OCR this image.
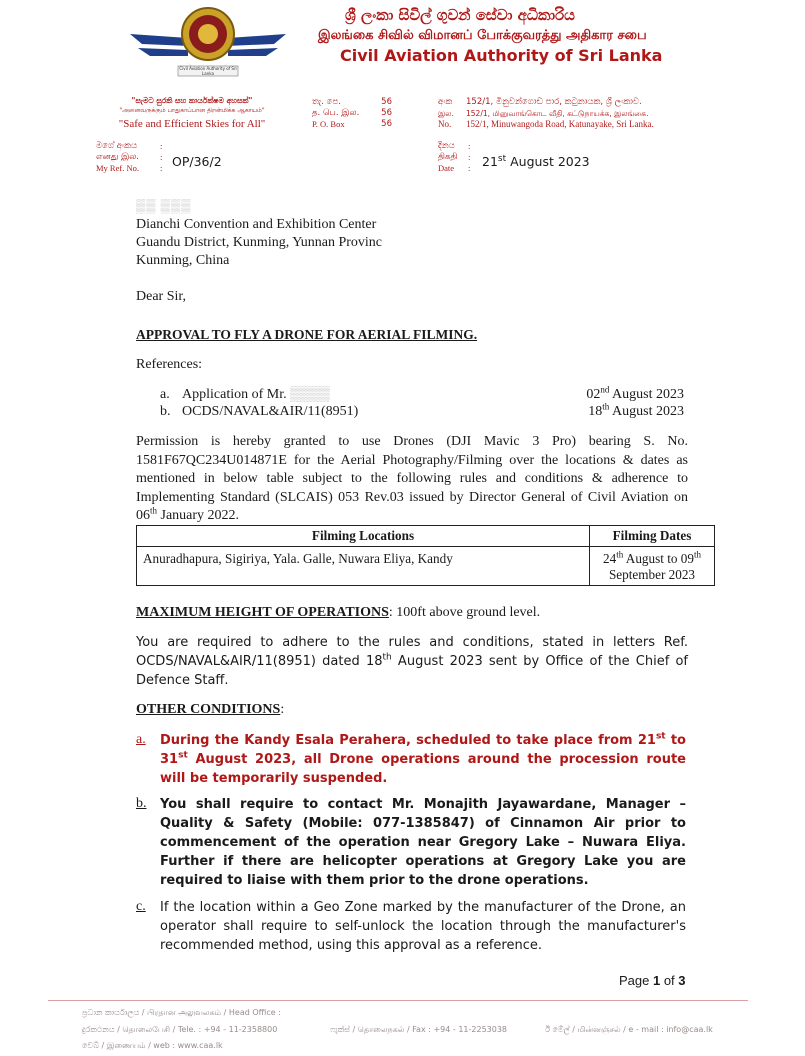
Civil Aviation Authority of Sri Lanka
ශ්‍රී ලංකා සිවිල් ගුවන් සේවා අධිකාරිය
இலங்கை சிவில் விமானப் போக்குவரத்து அதிகார சபை
Civil Aviation Authority of Sri Lanka
"සැමට සුරකි සහ කාර්යක්ෂම අහසක්"
"அனைவருக்கும் பாதுகாப்பான திறன்மிக்க ஆகாயம்"
"Safe and Efficient Skies for All"
තැ. පෙ.	56
த. பெ. இல.	56
P. O. Box	56
අංක 152/1, මිනුවන්ගොඩ පාර, කටුනායක, ශ්‍රී ලංකාව.
இல. 152/1, மினுவாங்கொட வீதி, கட்டுநாயக்க, இலங்கை.
No. 152/1, Minuwangoda Road, Katunayake, Sri Lanka.
මගේ අංකය
எனது இல.
My Ref. No.
:
:
: OP/36/2
දිනය
திகதி
Date
:
:
: 21st August 2023
▒▒ ▒▒▒
Dianchi Convention and Exhibition Center
Guandu District, Kunming, Yunnan Provinc
Kunming, China
Dear Sir,
APPROVAL TO FLY A DRONE FOR AERIAL FILMING.
References:
a. Application of Mr. ▒▒▒▒	02nd August 2023
b. OCDS/NAVAL&AIR/11(8951)	18th August 2023
Permission is hereby granted to use Drones (DJI Mavic 3 Pro) bearing S. No. 1581F67QC234U014871E for the Aerial Photography/Filming over the locations & dates as mentioned in below table subject to the following rules and conditions & adherence to Implementing Standard (SLCAIS) 053 Rev.03 issued by Director General of Civil Aviation on 06th January 2022.
Filming Locations	Filming Dates
Anuradhapura, Sigiriya, Yala. Galle, Nuwara Eliya, Kandy	24th August to 09th
September 2023
MAXIMUM HEIGHT OF OPERATIONS: 100ft above ground level.
You are required to adhere to the rules and conditions, stated in letters Ref. OCDS/NAVAL&AIR/11(8951) dated 18th August 2023 sent by Office of the Chief of Defence Staff.
OTHER CONDITIONS:
a. During the Kandy Esala Perahera, scheduled to take place from 21st to 31st August 2023, all Drone operations around the procession route will be temporarily suspended.
b. You shall require to contact Mr. Monajith Jayawardane, Manager – Quality & Safety (Mobile: 077-1385847) of Cinnamon Air prior to commencement of the operation near Gregory Lake – Nuwara Eliya. Further if there are helicopter operations at Gregory Lake you are required to liaise with them prior to the drone operations.
c. If the location within a Geo Zone marked by the manufacturer of the Drone, an operator shall require to self-unlock the location through the manufacturer's recommended method, using this approval as a reference.
Page 1 of 3
ප්‍රධාන කාර්යාලය / பிரதான அலுவலகம் / Head Office :
දුරකථනය / தொலைபேசி / Tele. : +94 - 11-2358800	ෆැක්ස් / தொலைநகல் / Fax : +94 - 11-2253038	ඊ මේල් / மின்னஞ்சல் / e - mail : info@caa.lk
වෙබ් / இணையம் / web : www.caa.lk
